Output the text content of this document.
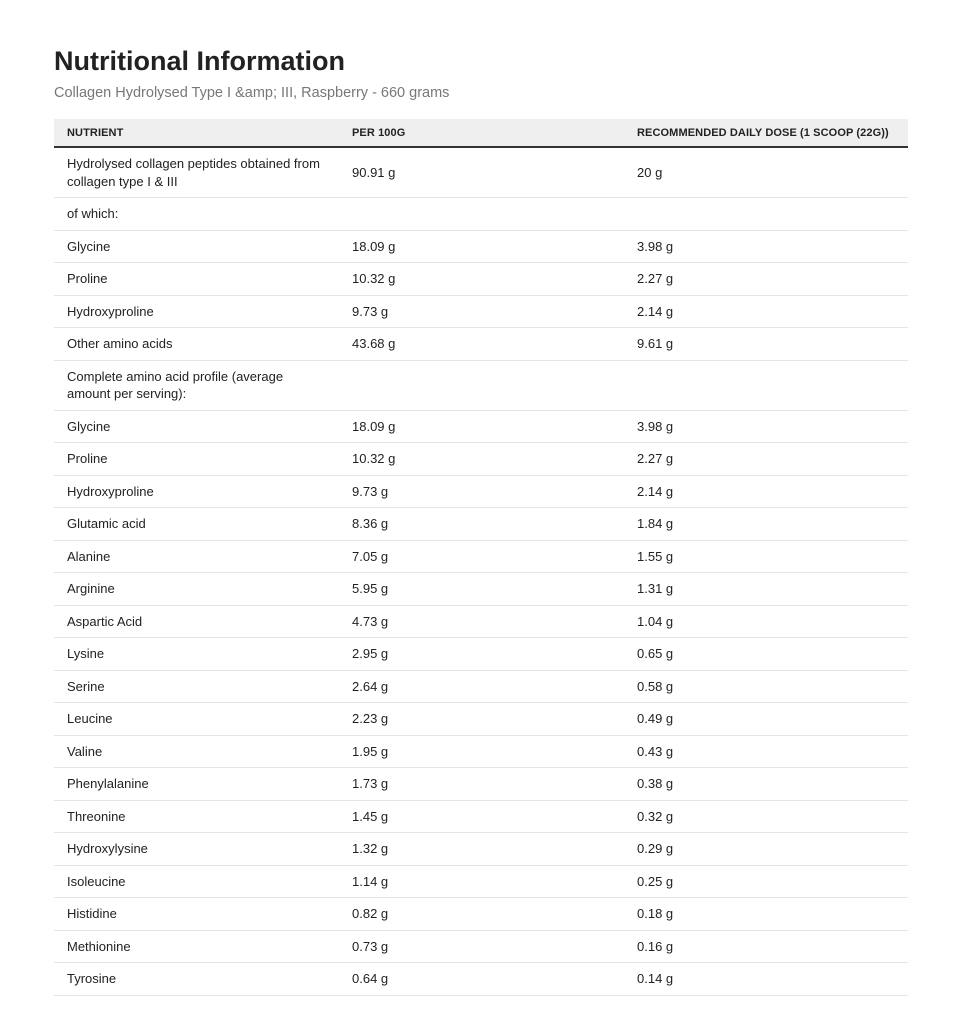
Nutritional Information

Collagen Hydrolysed Type I &amp; III, Raspberry - 660 grams

NUTRIENT	PER 100G	RECOMMENDED DAILY DOSE (1 SCOOP (22G))
Hydrolysed collagen peptides obtained from collagen type I & III	90.91 g	20 g
of which:		
Glycine	18.09 g	3.98 g
Proline	10.32 g	2.27 g
Hydroxyproline	9.73 g	2.14 g
Other amino acids	43.68 g	9.61 g
Complete amino acid profile (average amount per serving):		
Glycine	18.09 g	3.98 g
Proline	10.32 g	2.27 g
Hydroxyproline	9.73 g	2.14 g
Glutamic acid	8.36 g	1.84 g
Alanine	7.05 g	1.55 g
Arginine	5.95 g	1.31 g
Aspartic Acid	4.73 g	1.04 g
Lysine	2.95 g	0.65 g
Serine	2.64 g	0.58 g
Leucine	2.23 g	0.49 g
Valine	1.95 g	0.43 g
Phenylalanine	1.73 g	0.38 g
Threonine	1.45 g	0.32 g
Hydroxylysine	1.32 g	0.29 g
Isoleucine	1.14 g	0.25 g
Histidine	0.82 g	0.18 g
Methionine	0.73 g	0.16 g
Tyrosine	0.64 g	0.14 g
